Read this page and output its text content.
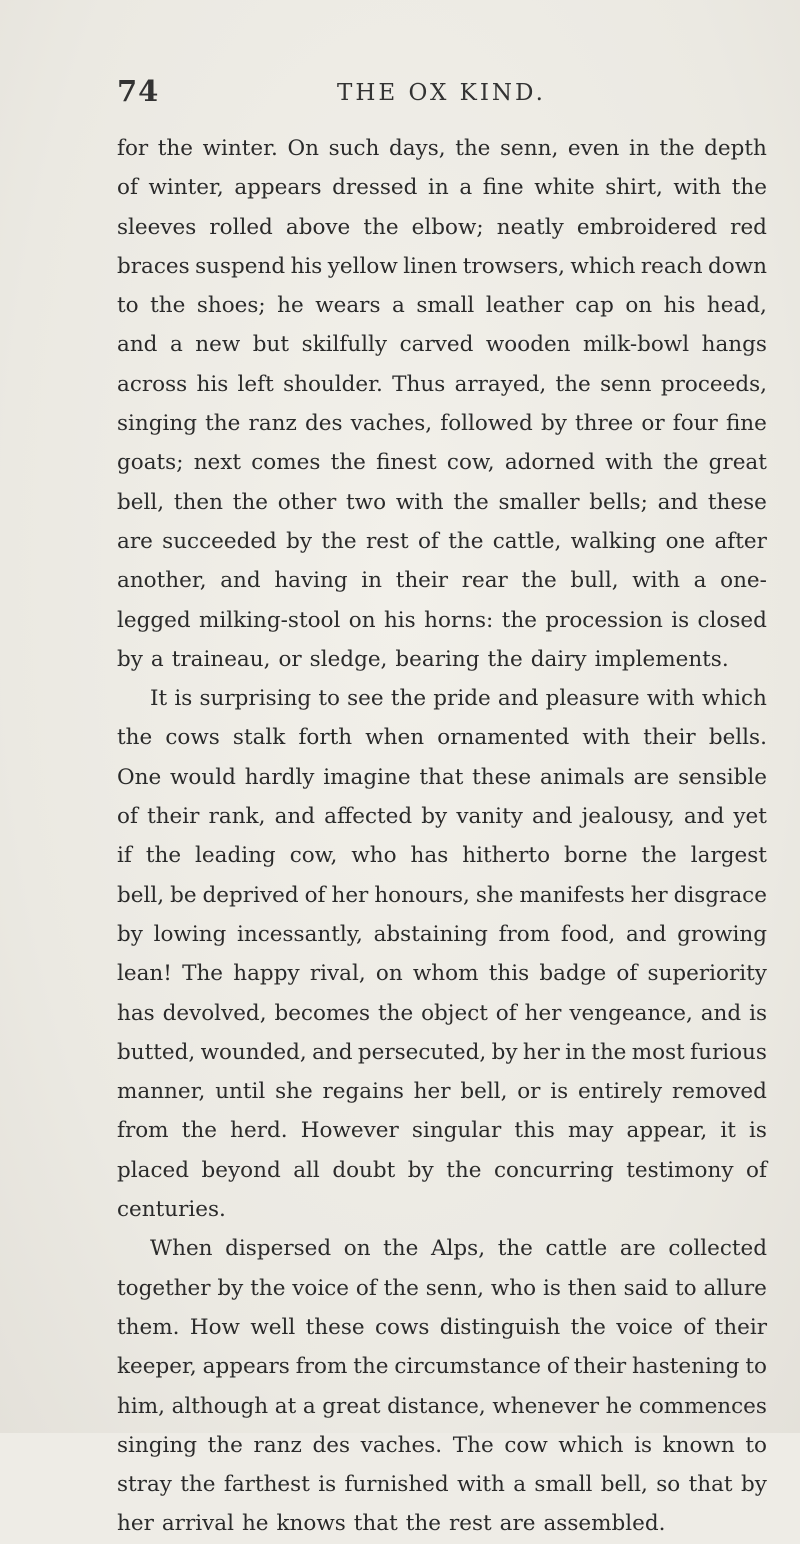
74	THE OX KIND.
for the winter. On such days, the senn, even in the depth
of winter, appears dressed in a fine white shirt, with the
sleeves rolled above the elbow; neatly embroidered red
braces suspend his yellow linen trowsers, which reach down
to the shoes; he wears a small leather cap on his head,
and a new but skilfully carved wooden milk-bowl hangs
across his left shoulder. Thus arrayed, the senn proceeds,
singing the ranz des vaches, followed by three or four fine
goats; next comes the finest cow, adorned with the great
bell, then the other two with the smaller bells; and these
are succeeded by the rest of the cattle, walking one after
another, and having in their rear the bull, with a one-
legged milking-stool on his horns: the procession is closed
by a traineau, or sledge, bearing the dairy implements.
It is surprising to see the pride and pleasure with which
the cows stalk forth when ornamented with their bells.
One would hardly imagine that these animals are sensible
of their rank, and affected by vanity and jealousy, and yet
if the leading cow, who has hitherto borne the largest
bell, be deprived of her honours, she manifests her disgrace
by lowing incessantly, abstaining from food, and growing
lean! The happy rival, on whom this badge of superiority
has devolved, becomes the object of her vengeance, and is
butted, wounded, and persecuted, by her in the most furious
manner, until she regains her bell, or is entirely removed
from the herd. However singular this may appear, it is
placed beyond all doubt by the concurring testimony of
centuries.
When dispersed on the Alps, the cattle are collected
together by the voice of the senn, who is then said to allure
them. How well these cows distinguish the voice of their
keeper, appears from the circumstance of their hastening to
him, although at a great distance, whenever he commences
singing the ranz des vaches. The cow which is known to
stray the farthest is furnished with a small bell, so that by
her arrival he knows that the rest are assembled.
